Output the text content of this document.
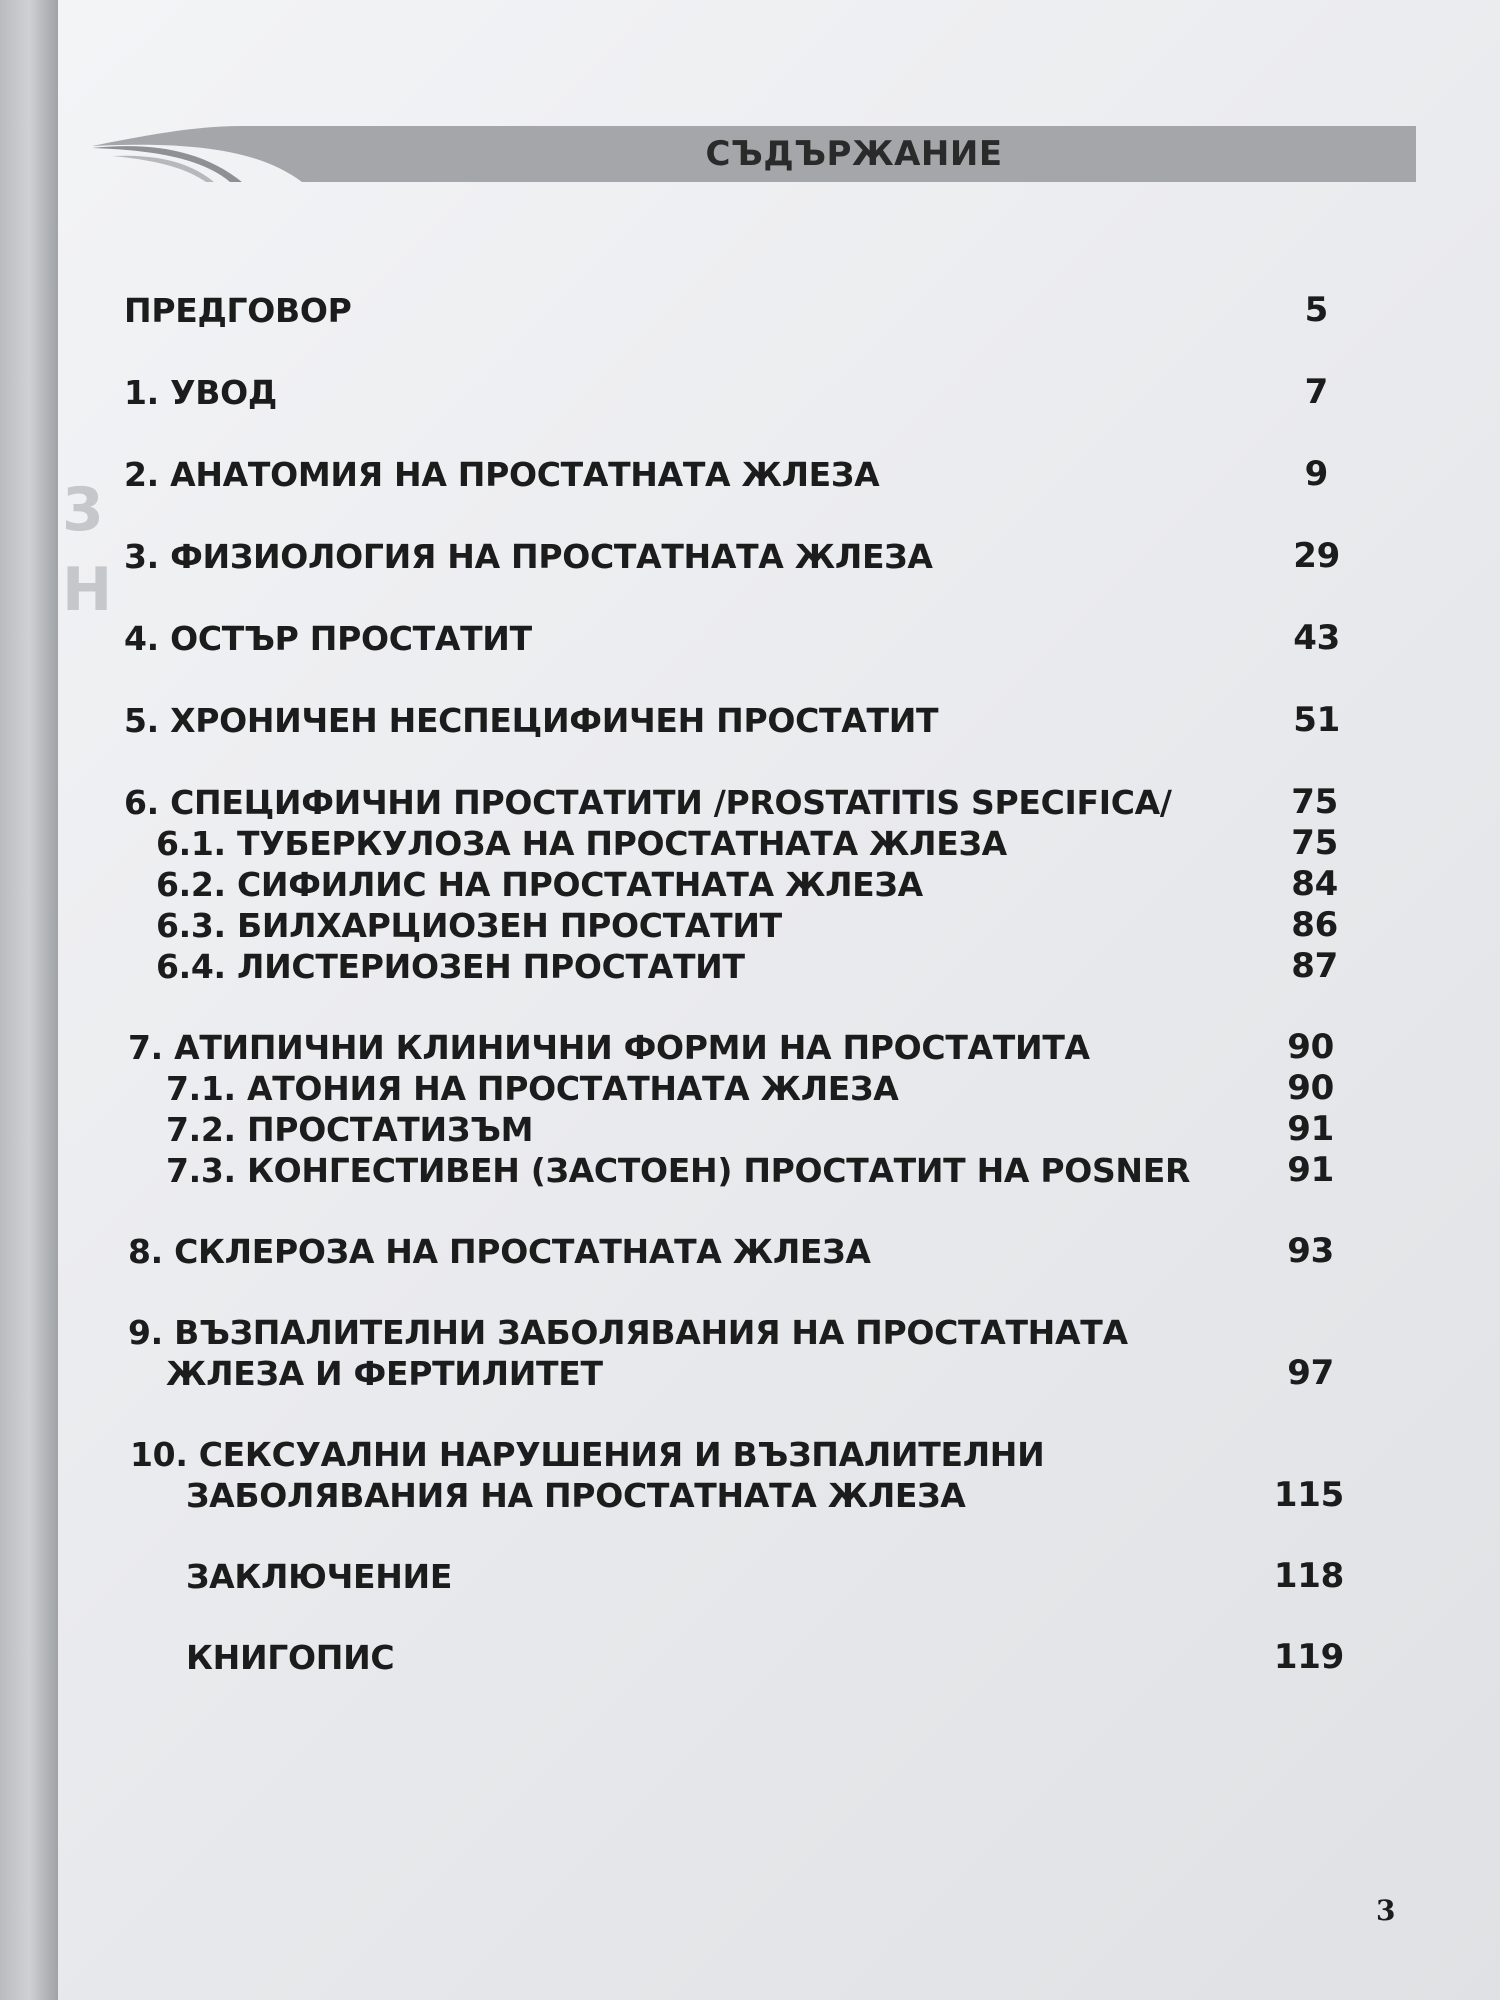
СЪДЪРЖАНИЕ
3
Н
ПРЕДГОВОР	5
1. УВОД	7
2. АНАТОМИЯ НА ПРОСТАТНАТА ЖЛЕЗА	9
3. ФИЗИОЛОГИЯ НА ПРОСТАТНАТА ЖЛЕЗА	29
4. ОСТЪР ПРОСТАТИТ	43
5. ХРОНИЧЕН НЕСПЕЦИФИЧЕН ПРОСТАТИТ	51
6. СПЕЦИФИЧНИ ПРОСТАТИТИ /PROSTATITIS SPECIFICA/	75
6.1. ТУБЕРКУЛОЗА НА ПРОСТАТНАТА ЖЛЕЗА	75
6.2. СИФИЛИС НА ПРОСТАТНАТА ЖЛЕЗА	84
6.3. БИЛХАРЦИОЗЕН ПРОСТАТИТ	86
6.4. ЛИСТЕРИОЗЕН ПРОСТАТИТ	87
7. АТИПИЧНИ КЛИНИЧНИ ФОРМИ НА ПРОСТАТИТА	90
7.1. АТОНИЯ НА ПРОСТАТНАТА ЖЛЕЗА	90
7.2. ПРОСТАТИЗЪМ	91
7.3. КОНГЕСТИВЕН (ЗАСТОЕН) ПРОСТАТИТ НА POSNER	91
8. СКЛЕРОЗА НА ПРОСТАТНАТА ЖЛЕЗА	93
9. ВЪЗПАЛИТЕЛНИ ЗАБОЛЯВАНИЯ НА ПРОСТАТНАТА
ЖЛЕЗА И ФЕРТИЛИТЕТ	97
10. СЕКСУАЛНИ НАРУШЕНИЯ И ВЪЗПАЛИТЕЛНИ
ЗАБОЛЯВАНИЯ НА ПРОСТАТНАТА ЖЛЕЗА	115
ЗАКЛЮЧЕНИЕ	118
КНИГОПИС	119
3
